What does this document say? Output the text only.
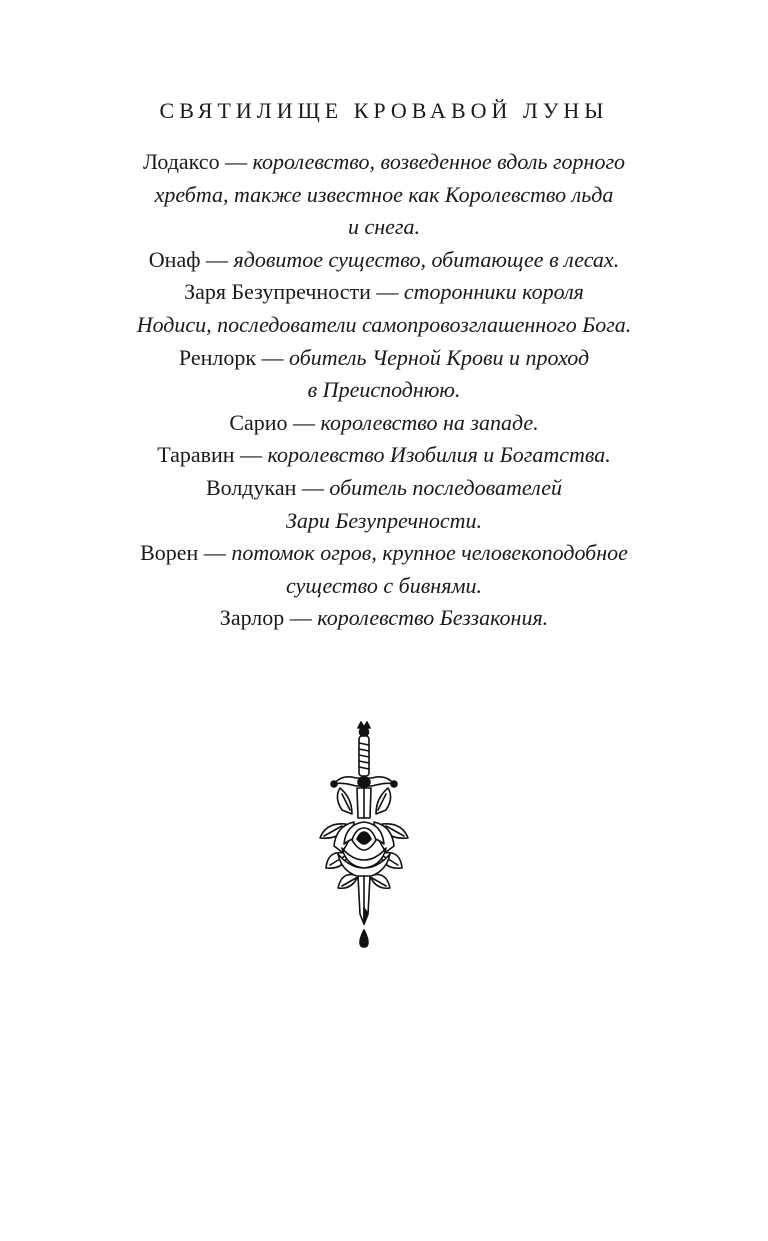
СВЯТИЛИЩЕ КРОВАВОЙ ЛУНЫ
Лодаксо — королевство, возведенное вдоль горного
хребта, также известное как Королевство льда
и снега.
Онаф — ядовитое существо, обитающее в лесах.
Заря Безупречности — сторонники короля
Нодиси, последователи самопровозглашенного Бога.
Ренлорк — обитель Черной Крови и проход
в Преисподнюю.
Сарио — королевство на западе.
Таравин — королевство Изобилия и Богатства.
Волдукан — обитель последователей
Зари Безупречности.
Ворен — потомок огров, крупное человекоподобное
существо с бивнями.
Зарлор — королевство Беззакония.
